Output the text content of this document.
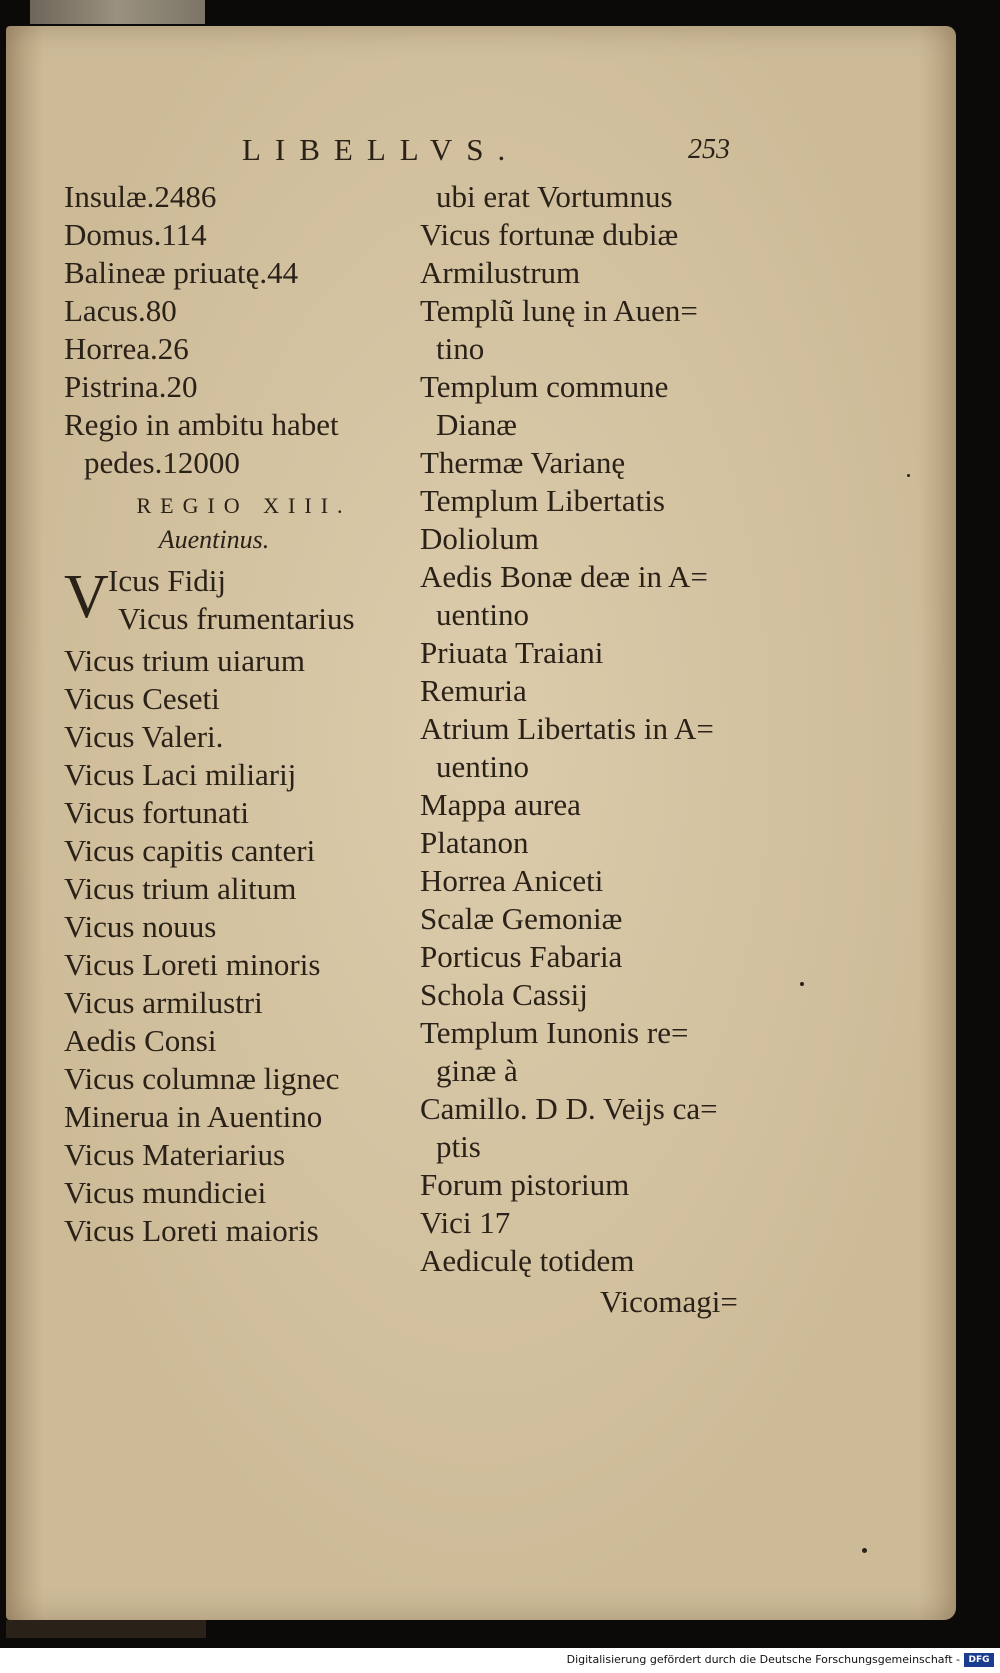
LIBELLVS.	253
Insulæ.2486
Domus.114
Balineæ priuatę.44
Lacus.80
Horrea.26
Pistrina.20
Regio in ambitu habet
pedes.12000
REGIO XIII.
Auentinus.
V Icus Fidij
Vicus frumentarius
Vicus trium uiarum
Vicus Ceseti
Vicus Valeri.
Vicus Laci miliarij
Vicus fortunati
Vicus capitis canteri
Vicus trium alitum
Vicus nouus
Vicus Loreti minoris
Vicus armilustri
Aedis Consi
Vicus columnæ lignec
Minerua in Auentino
Vicus Materiarius
Vicus mundiciei
Vicus Loreti maioris
ubi erat Vortumnus
Vicus fortunæ dubiæ
Armilustrum
Templũ lunę in Auen=
tino
Templum commune
Dianæ
Thermæ Varianę
Templum Libertatis
Doliolum
Aedis Bonæ deæ in A=
uentino
Priuata Traiani
Remuria
Atrium Libertatis in A=
uentino
Mappa aurea
Platanon
Horrea Aniceti
Scalæ Gemoniæ
Porticus Fabaria
Schola Cassij
Templum Iunonis re=
ginæ à
Camillo. D D. Veijs ca=
ptis
Forum pistorium
Vici 17
Aediculę totidem
Vicomagi=
Digitalisierung gefördert durch die Deutsche Forschungsgemeinschaft - DFG
